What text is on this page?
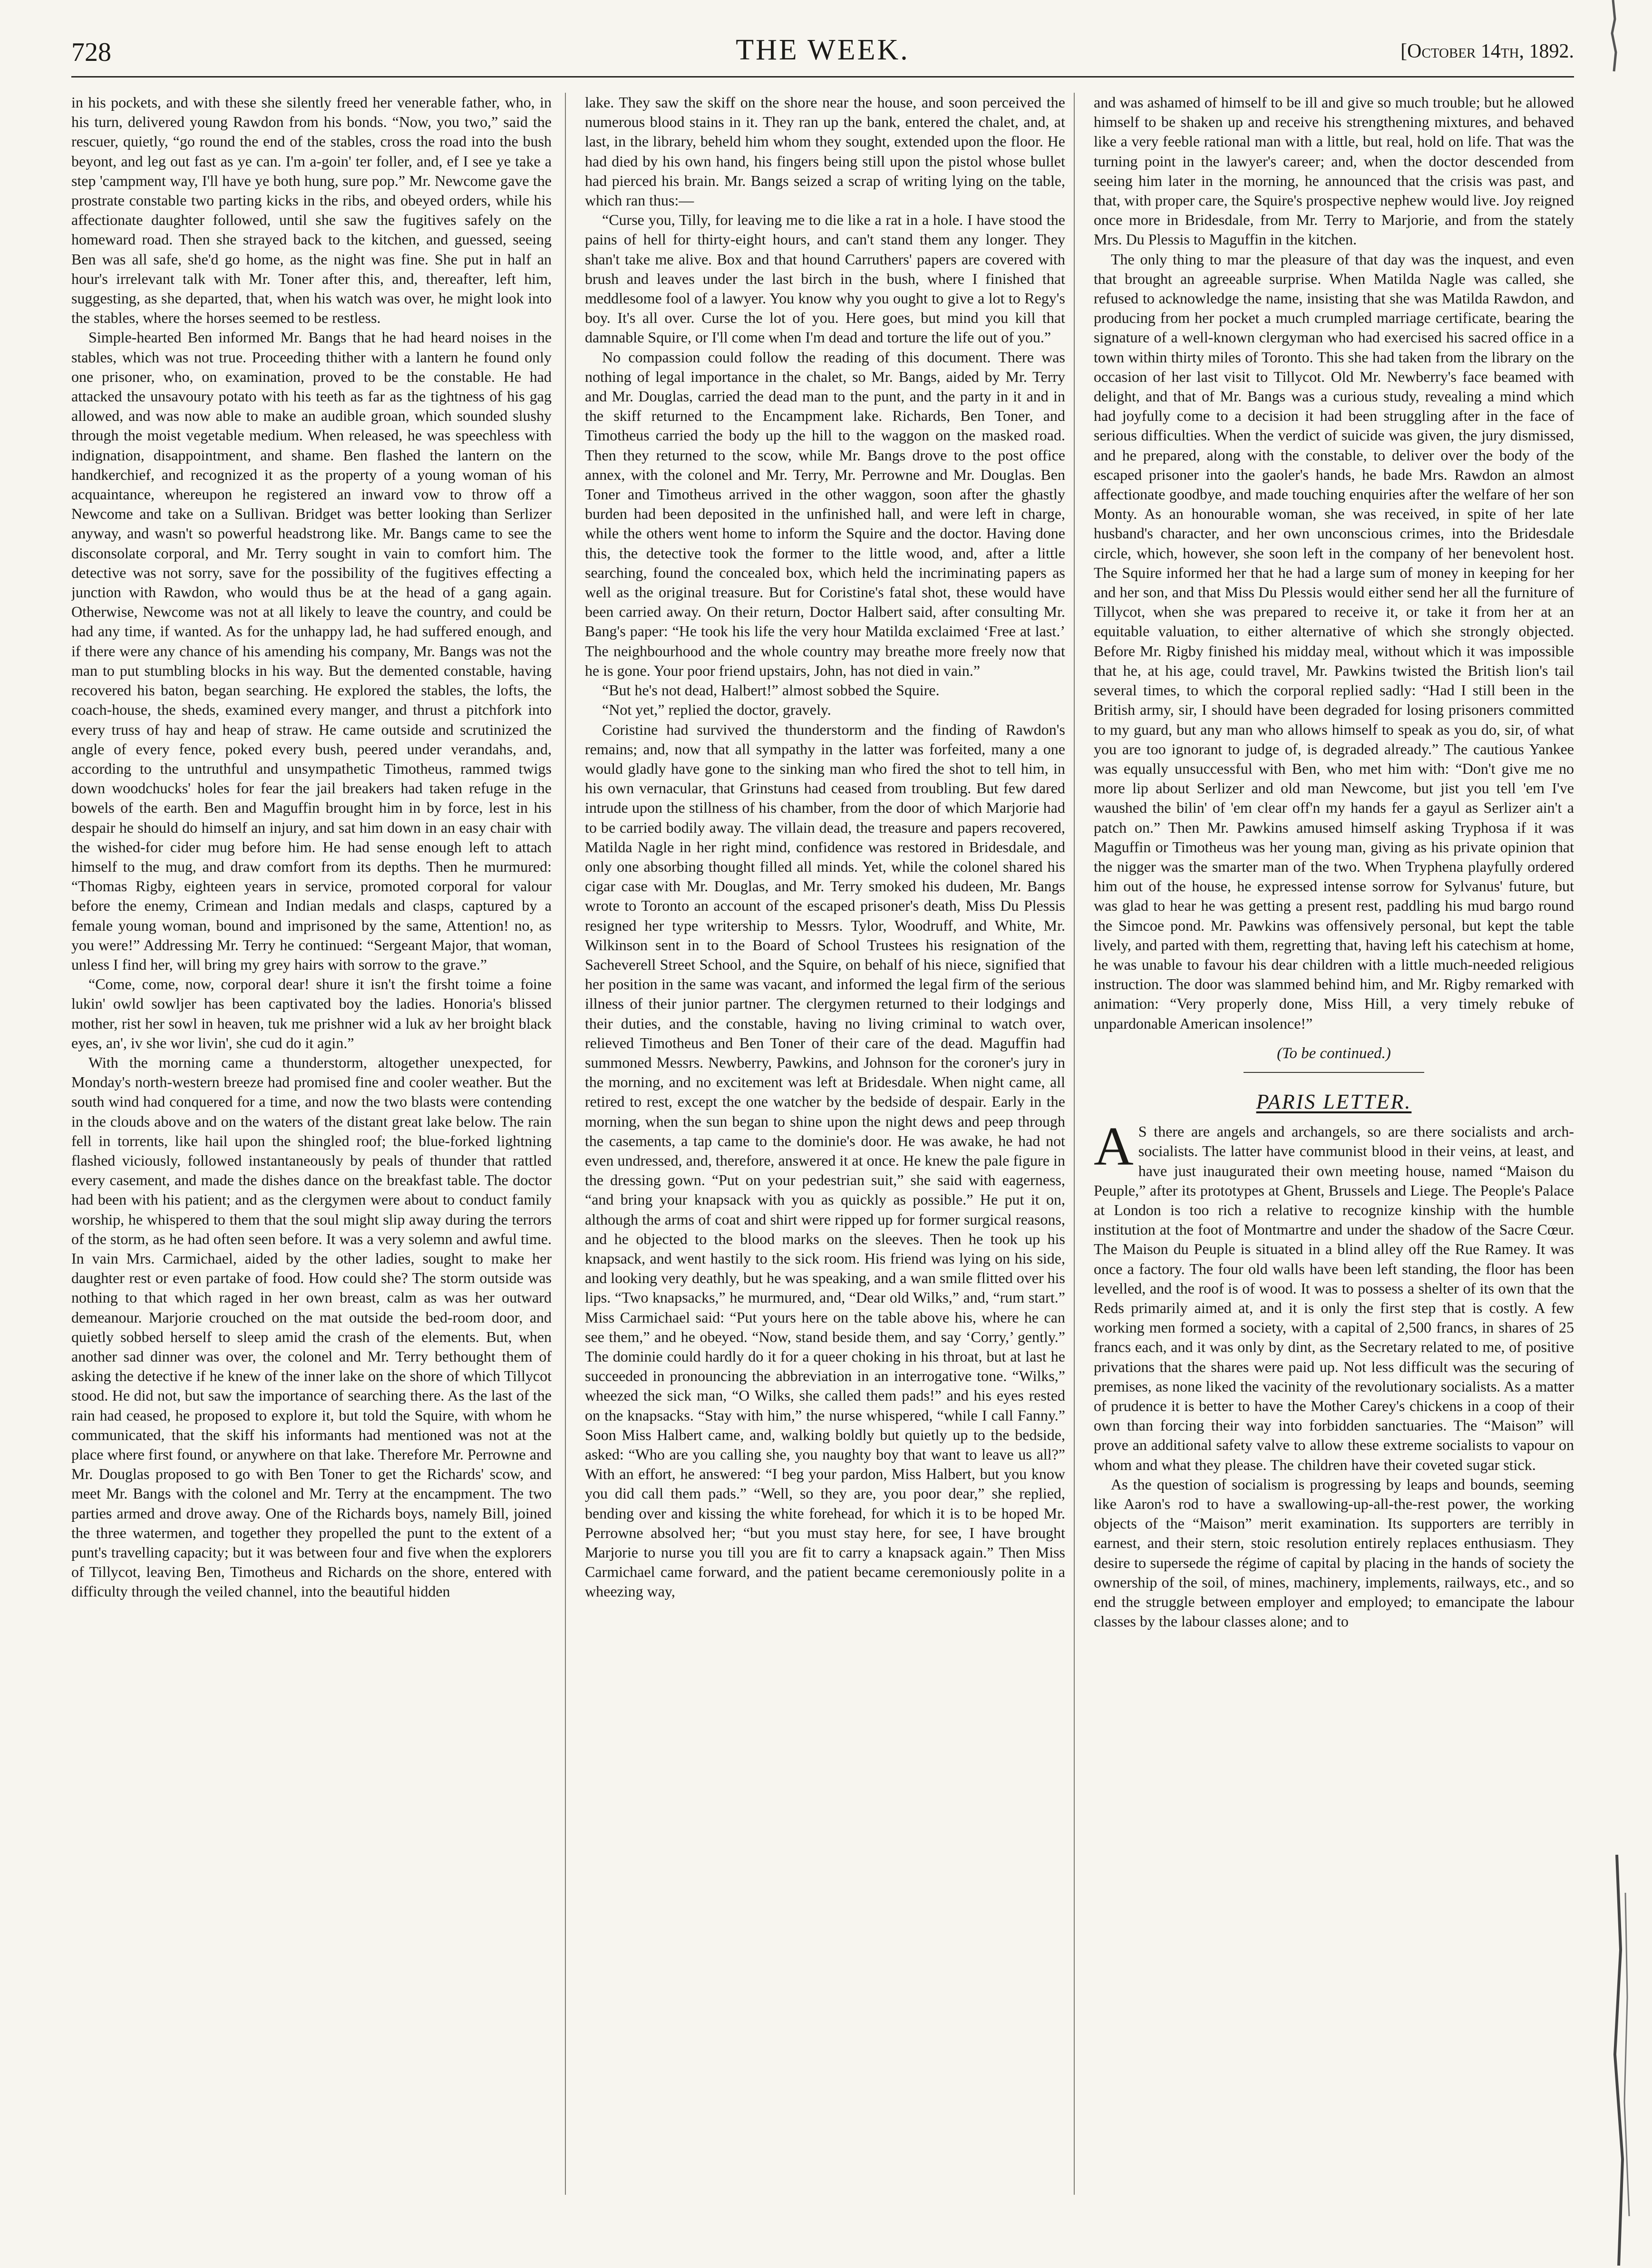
728	THE WEEK.	[October 14th, 1892.

in his pockets, and with these she silently freed her venerable father, who, in his turn, delivered young Rawdon from his bonds. “Now, you two,” said the rescuer, quietly, “go round the end of the stables, cross the road into the bush beyont, and leg out fast as ye can. I'm a-goin' ter foller, and, ef I see ye take a step 'campment way, I'll have ye both hung, sure pop.” Mr. Newcome gave the prostrate constable two parting kicks in the ribs, and obeyed orders, while his affectionate daughter followed, until she saw the fugitives safely on the homeward road. Then she strayed back to the kitchen, and guessed, seeing Ben was all safe, she'd go home, as the night was fine. She put in half an hour's irrelevant talk with Mr. Toner after this, and, thereafter, left him, suggesting, as she departed, that, when his watch was over, he might look into the stables, where the horses seemed to be restless.

Simple-hearted Ben informed Mr. Bangs that he had heard noises in the stables, which was not true. Proceeding thither with a lantern he found only one prisoner, who, on examination, proved to be the constable. He had attacked the unsavoury potato with his teeth as far as the tightness of his gag allowed, and was now able to make an audible groan, which sounded slushy through the moist vegetable medium. When released, he was speechless with indignation, disappointment, and shame. Ben flashed the lantern on the handkerchief, and recognized it as the property of a young woman of his acquaintance, whereupon he registered an inward vow to throw off a Newcome and take on a Sullivan. Bridget was better looking than Serlizer anyway, and wasn't so powerful headstrong like. Mr. Bangs came to see the disconsolate corporal, and Mr. Terry sought in vain to comfort him. The detective was not sorry, save for the possibility of the fugitives effecting a junction with Rawdon, who would thus be at the head of a gang again. Otherwise, Newcome was not at all likely to leave the country, and could be had any time, if wanted. As for the unhappy lad, he had suffered enough, and if there were any chance of his amending his company, Mr. Bangs was not the man to put stumbling blocks in his way. But the demented constable, having recovered his baton, began searching. He explored the stables, the lofts, the coach-house, the sheds, examined every manger, and thrust a pitchfork into every truss of hay and heap of straw. He came outside and scrutinized the angle of every fence, poked every bush, peered under verandahs, and, according to the untruthful and unsympathetic Timotheus, rammed twigs down woodchucks' holes for fear the jail breakers had taken refuge in the bowels of the earth. Ben and Maguffin brought him in by force, lest in his despair he should do himself an injury, and sat him down in an easy chair with the wished-for cider mug before him. He had sense enough left to attach himself to the mug, and draw comfort from its depths. Then he murmured: “Thomas Rigby, eighteen years in service, promoted corporal for valour before the enemy, Crimean and Indian medals and clasps, captured by a female young woman, bound and imprisoned by the same, Attention! no, as you were!” Addressing Mr. Terry he continued: “Sergeant Major, that woman, unless I find her, will bring my grey hairs with sorrow to the grave.”

“Come, come, now, corporal dear! shure it isn't the firsht toime a foine lukin' owld sowljer has been captivated boy the ladies. Honoria's blissed mother, rist her sowl in heaven, tuk me prishner wid a luk av her broight black eyes, an', iv she wor livin', she cud do it agin.”

With the morning came a thunderstorm, altogether unexpected, for Monday's north-western breeze had promised fine and cooler weather. But the south wind had conquered for a time, and now the two blasts were contending in the clouds above and on the waters of the distant great lake below. The rain fell in torrents, like hail upon the shingled roof; the blue-forked lightning flashed viciously, followed instantaneously by peals of thunder that rattled every casement, and made the dishes dance on the breakfast table. The doctor had been with his patient; and as the clergymen were about to conduct family worship, he whispered to them that the soul might slip away during the terrors of the storm, as he had often seen before. It was a very solemn and awful time. In vain Mrs. Carmichael, aided by the other ladies, sought to make her daughter rest or even partake of food. How could she? The storm outside was nothing to that which raged in her own breast, calm as was her outward demeanour. Marjorie crouched on the mat outside the bed-room door, and quietly sobbed herself to sleep amid the crash of the elements. But, when another sad dinner was over, the colonel and Mr. Terry bethought them of asking the detective if he knew of the inner lake on the shore of which Tillycot stood. He did not, but saw the importance of searching there. As the last of the rain had ceased, he proposed to explore it, but told the Squire, with whom he communicated, that the skiff his informants had mentioned was not at the place where first found, or anywhere on that lake. Therefore Mr. Perrowne and Mr. Douglas proposed to go with Ben Toner to get the Richards' scow, and meet Mr. Bangs with the colonel and Mr. Terry at the encampment. The two parties armed and drove away. One of the Richards boys, namely Bill, joined the three watermen, and together they propelled the punt to the extent of a punt's travelling capacity; but it was between four and five when the explorers of Tillycot, leaving Ben, Timotheus and Richards on the shore, entered with difficulty through the veiled channel, into the beautiful hidden

lake. They saw the skiff on the shore near the house, and soon perceived the numerous blood stains in it. They ran up the bank, entered the chalet, and, at last, in the library, beheld him whom they sought, extended upon the floor. He had died by his own hand, his fingers being still upon the pistol whose bullet had pierced his brain. Mr. Bangs seized a scrap of writing lying on the table, which ran thus:—

“Curse you, Tilly, for leaving me to die like a rat in a hole. I have stood the pains of hell for thirty-eight hours, and can't stand them any longer. They shan't take me alive. Box and that hound Carruthers' papers are covered with brush and leaves under the last birch in the bush, where I finished that meddlesome fool of a lawyer. You know why you ought to give a lot to Regy's boy. It's all over. Curse the lot of you. Here goes, but mind you kill that damnable Squire, or I'll come when I'm dead and torture the life out of you.”

No compassion could follow the reading of this document. There was nothing of legal importance in the chalet, so Mr. Bangs, aided by Mr. Terry and Mr. Douglas, carried the dead man to the punt, and the party in it and in the skiff returned to the Encampment lake. Richards, Ben Toner, and Timotheus carried the body up the hill to the waggon on the masked road. Then they returned to the scow, while Mr. Bangs drove to the post office annex, with the colonel and Mr. Terry, Mr. Perrowne and Mr. Douglas. Ben Toner and Timotheus arrived in the other waggon, soon after the ghastly burden had been deposited in the unfinished hall, and were left in charge, while the others went home to inform the Squire and the doctor. Having done this, the detective took the former to the little wood, and, after a little searching, found the concealed box, which held the incriminating papers as well as the original treasure. But for Coristine's fatal shot, these would have been carried away. On their return, Doctor Halbert said, after consulting Mr. Bang's paper: “He took his life the very hour Matilda exclaimed ‘Free at last.’ The neighbourhood and the whole country may breathe more freely now that he is gone. Your poor friend upstairs, John, has not died in vain.”

“But he's not dead, Halbert!” almost sobbed the Squire.

“Not yet,” replied the doctor, gravely.

Coristine had survived the thunderstorm and the finding of Rawdon's remains; and, now that all sympathy in the latter was forfeited, many a one would gladly have gone to the sinking man who fired the shot to tell him, in his own vernacular, that Grinstuns had ceased from troubling. But few dared intrude upon the stillness of his chamber, from the door of which Marjorie had to be carried bodily away. The villain dead, the treasure and papers recovered, Matilda Nagle in her right mind, confidence was restored in Bridesdale, and only one absorbing thought filled all minds. Yet, while the colonel shared his cigar case with Mr. Douglas, and Mr. Terry smoked his dudeen, Mr. Bangs wrote to Toronto an account of the escaped prisoner's death, Miss Du Plessis resigned her type writership to Messrs. Tylor, Woodruff, and White, Mr. Wilkinson sent in to the Board of School Trustees his resignation of the Sacheverell Street School, and the Squire, on behalf of his niece, signified that her position in the same was vacant, and informed the legal firm of the serious illness of their junior partner. The clergymen returned to their lodgings and their duties, and the constable, having no living criminal to watch over, relieved Timotheus and Ben Toner of their care of the dead. Maguffin had summoned Messrs. Newberry, Pawkins, and Johnson for the coroner's jury in the morning, and no excitement was left at Bridesdale. When night came, all retired to rest, except the one watcher by the bedside of despair. Early in the morning, when the sun began to shine upon the night dews and peep through the casements, a tap came to the dominie's door. He was awake, he had not even undressed, and, therefore, answered it at once. He knew the pale figure in the dressing gown. “Put on your pedestrian suit,” she said with eagerness, “and bring your knapsack with you as quickly as possible.” He put it on, although the arms of coat and shirt were ripped up for former surgical reasons, and he objected to the blood marks on the sleeves. Then he took up his knapsack, and went hastily to the sick room. His friend was lying on his side, and looking very deathly, but he was speaking, and a wan smile flitted over his lips. “Two knapsacks,” he murmured, and, “Dear old Wilks,” and, “rum start.” Miss Carmichael said: “Put yours here on the table above his, where he can see them,” and he obeyed. “Now, stand beside them, and say ‘Corry,’ gently.” The dominie could hardly do it for a queer choking in his throat, but at last he succeeded in pronouncing the abbreviation in an interrogative tone. “Wilks,” wheezed the sick man, “O Wilks, she called them pads!” and his eyes rested on the knapsacks. “Stay with him,” the nurse whispered, “while I call Fanny.” Soon Miss Halbert came, and, walking boldly but quietly up to the bedside, asked: “Who are you calling she, you naughty boy that want to leave us all?” With an effort, he answered: “I beg your pardon, Miss Halbert, but you know you did call them pads.” “Well, so they are, you poor dear,” she replied, bending over and kissing the white forehead, for which it is to be hoped Mr. Perrowne absolved her; “but you must stay here, for see, I have brought Marjorie to nurse you till you are fit to carry a knapsack again.” Then Miss Carmichael came forward, and the patient became ceremoniously polite in a wheezing way,

and was ashamed of himself to be ill and give so much trouble; but he allowed himself to be shaken up and receive his strengthening mixtures, and behaved like a very feeble rational man with a little, but real, hold on life. That was the turning point in the lawyer's career; and, when the doctor descended from seeing him later in the morning, he announced that the crisis was past, and that, with proper care, the Squire's prospective nephew would live. Joy reigned once more in Bridesdale, from Mr. Terry to Marjorie, and from the stately Mrs. Du Plessis to Maguffin in the kitchen.

The only thing to mar the pleasure of that day was the inquest, and even that brought an agreeable surprise. When Matilda Nagle was called, she refused to acknowledge the name, insisting that she was Matilda Rawdon, and producing from her pocket a much crumpled marriage certificate, bearing the signature of a well-known clergyman who had exercised his sacred office in a town within thirty miles of Toronto. This she had taken from the library on the occasion of her last visit to Tillycot. Old Mr. Newberry's face beamed with delight, and that of Mr. Bangs was a curious study, revealing a mind which had joyfully come to a decision it had been struggling after in the face of serious difficulties. When the verdict of suicide was given, the jury dismissed, and he prepared, along with the constable, to deliver over the body of the escaped prisoner into the gaoler's hands, he bade Mrs. Rawdon an almost affectionate goodbye, and made touching enquiries after the welfare of her son Monty. As an honourable woman, she was received, in spite of her late husband's character, and her own unconscious crimes, into the Bridesdale circle, which, however, she soon left in the company of her benevolent host. The Squire informed her that he had a large sum of money in keeping for her and her son, and that Miss Du Plessis would either send her all the furniture of Tillycot, when she was prepared to receive it, or take it from her at an equitable valuation, to either alternative of which she strongly objected. Before Mr. Rigby finished his midday meal, without which it was impossible that he, at his age, could travel, Mr. Pawkins twisted the British lion's tail several times, to which the corporal replied sadly: “Had I still been in the British army, sir, I should have been degraded for losing prisoners committed to my guard, but any man who allows himself to speak as you do, sir, of what you are too ignorant to judge of, is degraded already.” The cautious Yankee was equally unsuccessful with Ben, who met him with: “Don't give me no more lip about Serlizer and old man Newcome, but jist you tell 'em I've waushed the bilin' of 'em clear off'n my hands fer a gayul as Serlizer ain't a patch on.” Then Mr. Pawkins amused himself asking Tryphosa if it was Maguffin or Timotheus was her young man, giving as his private opinion that the nigger was the smarter man of the two. When Tryphena playfully ordered him out of the house, he expressed intense sorrow for Sylvanus' future, but was glad to hear he was getting a present rest, paddling his mud bargo round the Simcoe pond. Mr. Pawkins was offensively personal, but kept the table lively, and parted with them, regretting that, having left his catechism at home, he was unable to favour his dear children with a little much-needed religious instruction. The door was slammed behind him, and Mr. Rigby remarked with animation: “Very properly done, Miss Hill, a very timely rebuke of unpardonable American insolence!”

(To be continued.)
PARIS LETTER.

A S there are angels and archangels, so are there socialists and arch-socialists. The latter have communist blood in their veins, at least, and have just inaugurated their own meeting house, named “Maison du Peuple,” after its prototypes at Ghent, Brussels and Liege. The People's Palace at London is too rich a relative to recognize kinship with the humble institution at the foot of Montmartre and under the shadow of the Sacre Cœur. The Maison du Peuple is situated in a blind alley off the Rue Ramey. It was once a factory. The four old walls have been left standing, the floor has been levelled, and the roof is of wood. It was to possess a shelter of its own that the Reds primarily aimed at, and it is only the first step that is costly. A few working men formed a society, with a capital of 2,500 francs, in shares of 25 francs each, and it was only by dint, as the Secretary related to me, of positive privations that the shares were paid up. Not less difficult was the securing of premises, as none liked the vacinity of the revolutionary socialists. As a matter of prudence it is better to have the Mother Carey's chickens in a coop of their own than forcing their way into forbidden sanctuaries. The “Maison” will prove an additional safety valve to allow these extreme socialists to vapour on whom and what they please. The children have their coveted sugar stick.

As the question of socialism is progressing by leaps and bounds, seeming like Aaron's rod to have a swallowing-up-all-the-rest power, the working objects of the “Maison” merit examination. Its supporters are terribly in earnest, and their stern, stoic resolution entirely replaces enthusiasm. They desire to supersede the régime of capital by placing in the hands of society the ownership of the soil, of mines, machinery, implements, railways, etc., and so end the struggle between employer and employed; to emancipate the labour classes by the labour classes alone; and to
